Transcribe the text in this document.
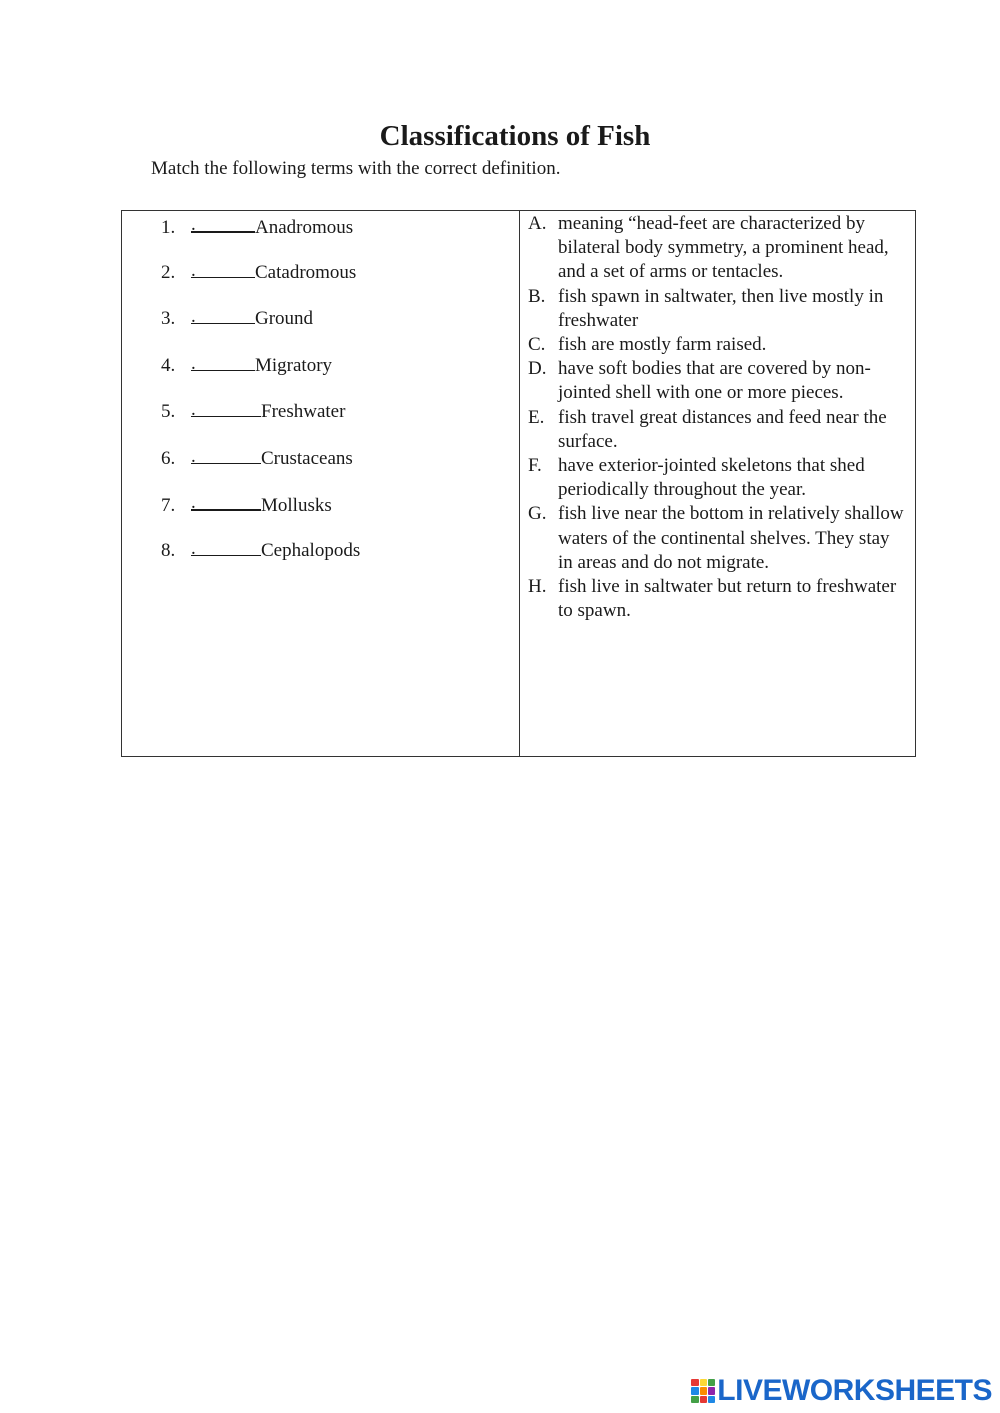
Classifications of Fish

Match the following terms with the correct definition.

1. .	Anadromous
2. .	Catadromous
3. .	Ground
4. .	Migratory
5. .	Freshwater
6. .	Crustaceans
7. .	Mollusks
8. .	Cephalopods
A. meaning “head-feet are characterized by bilateral body symmetry, a prominent head, and a set of arms or tentacles.
B. fish spawn in saltwater, then live mostly in freshwater
C. fish are mostly farm raised.
D. have soft bodies that are covered by non-jointed shell with one or more pieces.
E. fish travel great distances and feed near the surface.
F. have exterior-jointed skeletons that shed periodically throughout the year.
G. fish live near the bottom in relatively shallow waters of the continental shelves. They stay in areas and do not migrate.
H. fish live in saltwater but return to freshwater to spawn.
LIVEWORKSHEETS
